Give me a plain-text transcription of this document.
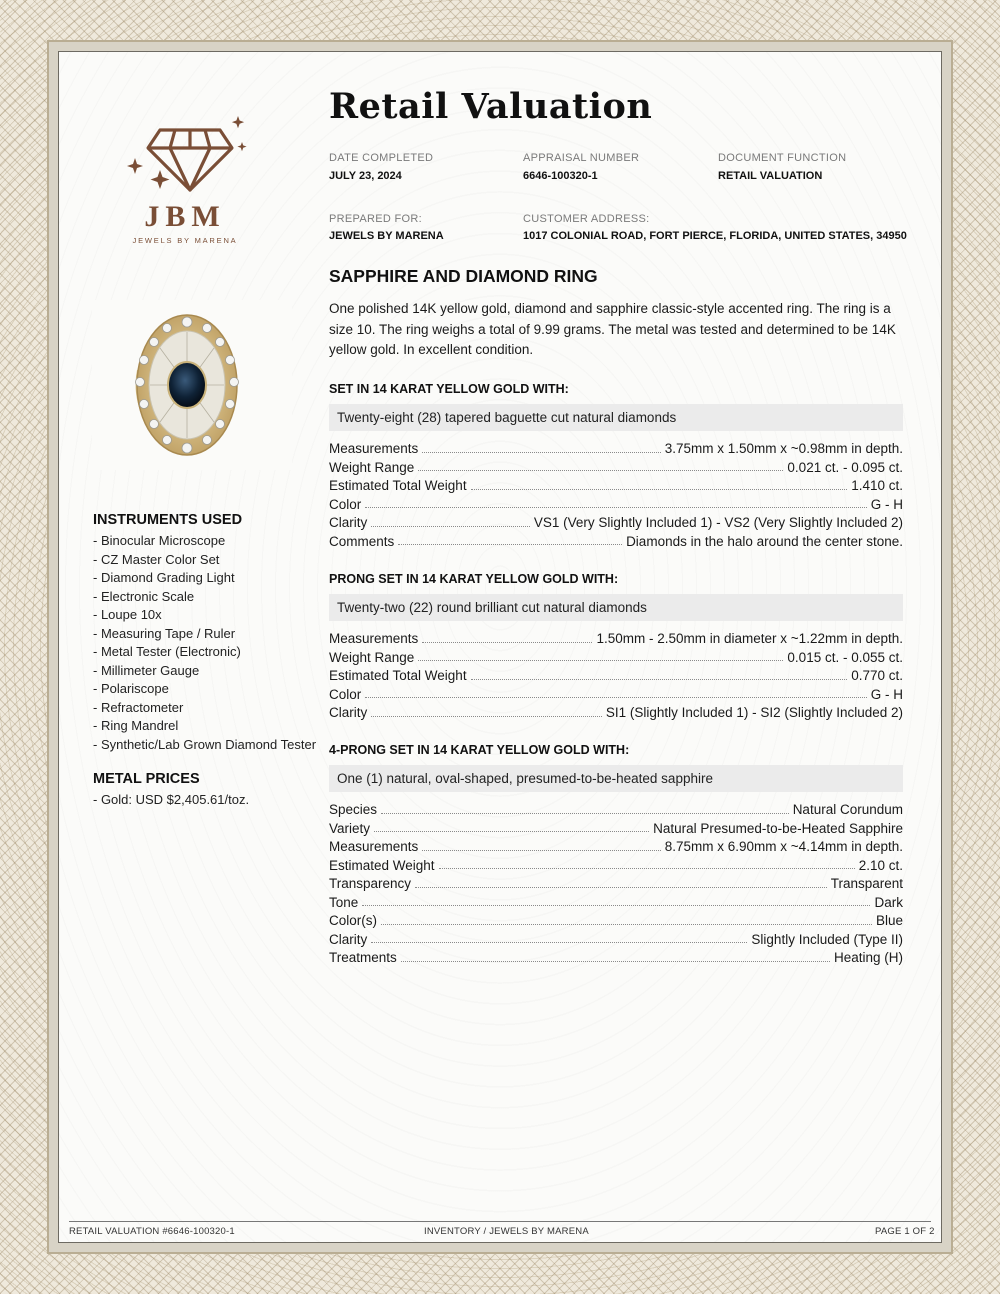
JBM
JEWELS BY MARENA
INSTRUMENTS USED
- Binocular Microscope
- CZ Master Color Set
- Diamond Grading Light
- Electronic Scale
- Loupe 10x
- Measuring Tape / Ruler
- Metal Tester (Electronic)
- Millimeter Gauge
- Polariscope
- Refractometer
- Ring Mandrel
- Synthetic/Lab Grown Diamond Tester
METAL PRICES
- Gold: USD $2,405.61/toz.
Retail Valuation
DATE COMPLETED
JULY 23, 2024
APPRAISAL NUMBER
6646-100320-1
DOCUMENT FUNCTION
RETAIL VALUATION
PREPARED FOR:
JEWELS BY MARENA
CUSTOMER ADDRESS:
1017 COLONIAL ROAD, FORT PIERCE, FLORIDA, UNITED STATES, 34950
SAPPHIRE AND DIAMOND RING
One polished 14K yellow gold, diamond and sapphire classic-style accented ring. The ring is a size 10. The ring weighs a total of 9.99 grams. The metal was tested and determined to be 14K yellow gold. In excellent condition.
SET IN 14 KARAT YELLOW GOLD WITH:
Twenty-eight (28) tapered baguette cut natural diamonds
Measurements	3.75mm x 1.50mm x ~0.98mm in depth.
Weight Range	0.021 ct. - 0.095 ct.
Estimated Total Weight	1.410 ct.
Color	G - H
Clarity	VS1 (Very Slightly Included 1) - VS2 (Very Slightly Included 2)
Comments	Diamonds in the halo around the center stone.
PRONG SET IN 14 KARAT YELLOW GOLD WITH:
Twenty-two (22) round brilliant cut natural diamonds
Measurements	1.50mm - 2.50mm in diameter x ~1.22mm in depth.
Weight Range	0.015 ct. - 0.055 ct.
Estimated Total Weight	0.770 ct.
Color	G - H
Clarity	SI1 (Slightly Included 1) - SI2 (Slightly Included 2)
4-PRONG SET IN 14 KARAT YELLOW GOLD WITH:
One (1) natural, oval-shaped, presumed-to-be-heated sapphire
Species	Natural Corundum
Variety	Natural Presumed-to-be-Heated Sapphire
Measurements	8.75mm x 6.90mm x ~4.14mm in depth.
Estimated Weight	2.10 ct.
Transparency	Transparent
Tone	Dark
Color(s)	Blue
Clarity	Slightly Included (Type II)
Treatments	Heating (H)
RETAIL VALUATION #6646-100320-1	INVENTORY / JEWELS BY MARENA	PAGE 1 OF 2
